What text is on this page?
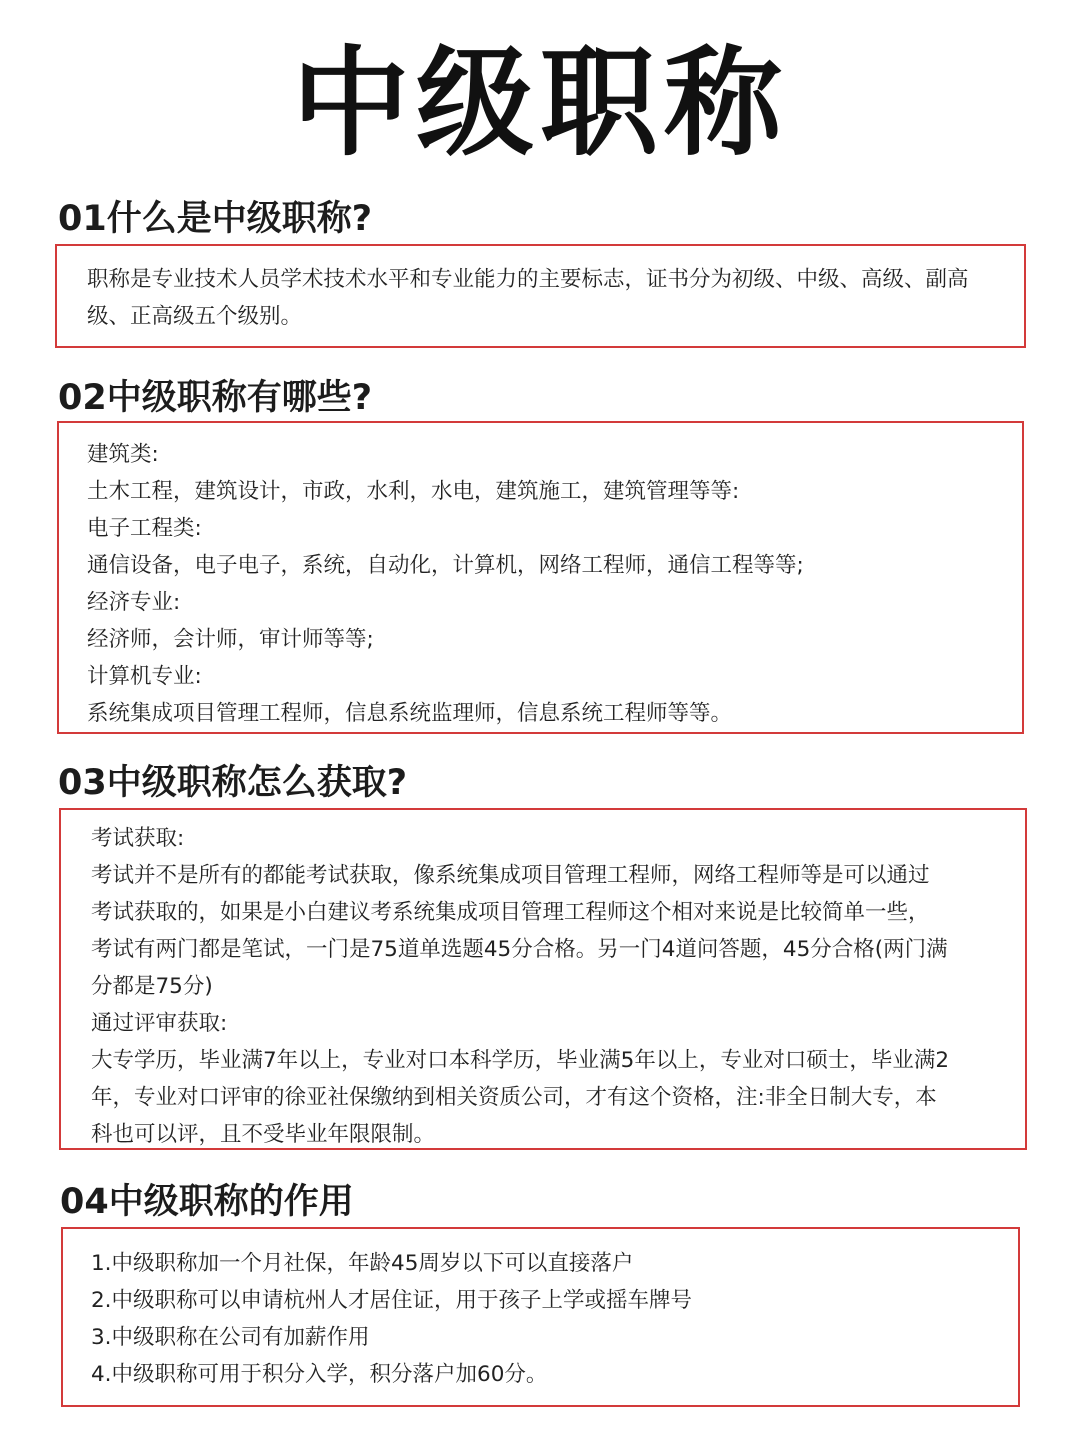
中级职称
01什么是中级职称?
职称是专业技术人员学术技术水平和专业能力的主要标志，证书分为初级、中级、高级、副高级、正高级五个级别。
02中级职称有哪些?
建筑类:
土木工程，建筑设计，市政，水利，水电，建筑施工，建筑管理等等:
电子工程类:
通信设备，电子电子，系统，自动化，计算机，网络工程师，通信工程等等;
经济专业:
经济师，会计师，审计师等等;
计算机专业:
系统集成项目管理工程师，信息系统监理师，信息系统工程师等等。
03中级职称怎么获取?
考试获取:
考试并不是所有的都能考试获取，像系统集成项目管理工程师，网络工程师等是可以通过
考试获取的，如果是小白建议考系统集成项目管理工程师这个相对来说是比较简单一些，
考试有两门都是笔试，一门是75道单选题45分合格。另一门4道问答题，45分合格(两门满
分都是75分)
通过评审获取:
大专学历，毕业满7年以上，专业对口本科学历，毕业满5年以上，专业对口硕士，毕业满2
年，专业对口评审的徐亚社保缴纳到相关资质公司，才有这个资格，注:非全日制大专，本
科也可以评，且不受毕业年限限制。
04中级职称的作用
1.中级职称加一个月社保，年龄45周岁以下可以直接落户
2.中级职称可以申请杭州人才居住证，用于孩子上学或摇车牌号
3.中级职称在公司有加薪作用
4.中级职称可用于积分入学，积分落户加60分。
